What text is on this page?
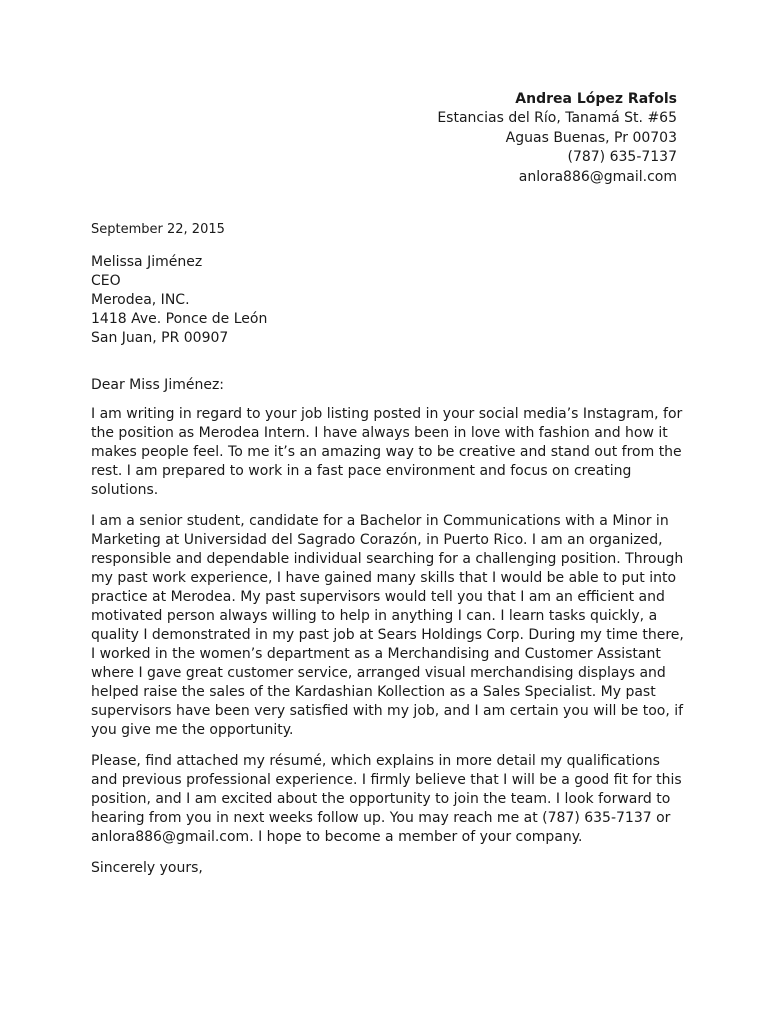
Andrea López Rafols
Estancias del Río, Tanamá St. #65
Aguas Buenas, Pr 00703
(787) 635-7137
anlora886@gmail.com
September 22, 2015
Melissa Jiménez
CEO
Merodea, INC.
1418 Ave. Ponce de León
San Juan, PR 00907

Dear Miss Jiménez:

I am writing in regard to your job listing posted in your social media’s Instagram, for
the position as Merodea Intern. I have always been in love with fashion and how it
makes people feel. To me it’s an amazing way to be creative and stand out from the
rest. I am prepared to work in a fast pace environment and focus on creating
solutions.

I am a senior student, candidate for a Bachelor in Communications with a Minor in
Marketing at Universidad del Sagrado Corazón, in Puerto Rico. I am an organized,
responsible and dependable individual searching for a challenging position. Through
my past work experience, I have gained many skills that I would be able to put into
practice at Merodea. My past supervisors would tell you that I am an efficient and
motivated person always willing to help in anything I can. I learn tasks quickly, a
quality I demonstrated in my past job at Sears Holdings Corp. During my time there,
I worked in the women’s department as a Merchandising and Customer Assistant
where I gave great customer service, arranged visual merchandising displays and
helped raise the sales of the Kardashian Kollection as a Sales Specialist. My past
supervisors have been very satisfied with my job, and I am certain you will be too, if
you give me the opportunity.

Please, find attached my résumé, which explains in more detail my qualifications
and previous professional experience. I firmly believe that I will be a good fit for this
position, and I am excited about the opportunity to join the team. I look forward to
hearing from you in next weeks follow up. You may reach me at (787) 635-7137 or
anlora886@gmail.com. I hope to become a member of your company.

Sincerely yours,
